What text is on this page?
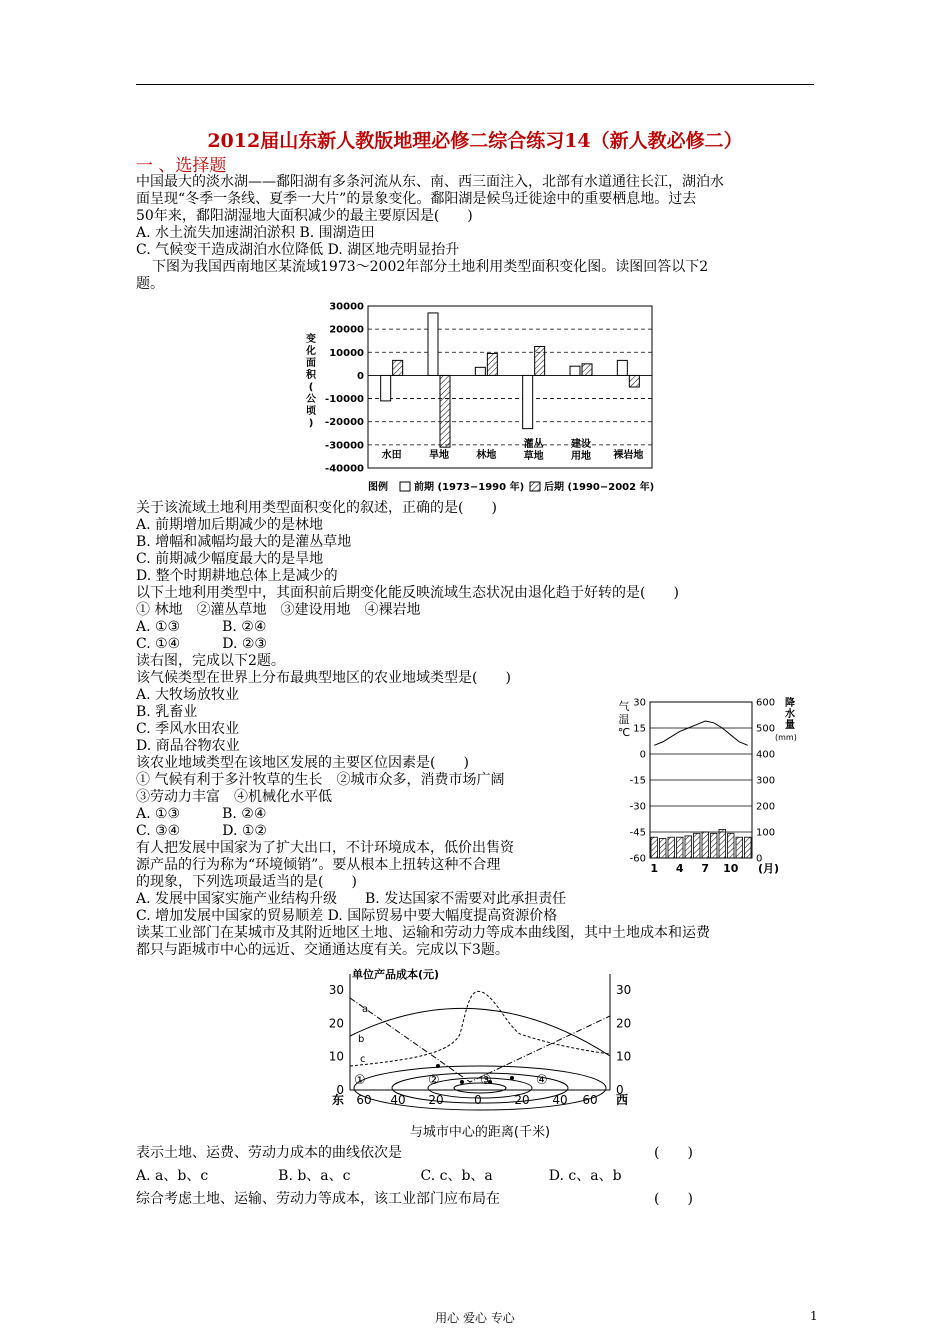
2012届山东新人教版地理必修二综合练习14（新人教必修二）
一 、选择题
中国最大的淡水湖——鄱阳湖有多条河流从东、南、西三面注入，北部有水道通往长江，湖泊水
面呈现“冬季一条线、夏季一大片”的景象变化。鄱阳湖是候鸟迁徙途中的重要栖息地。过去
50年来，鄱阳湖湿地大面积减少的最主要原因是(　　)
A. 水土流失加速湖泊淤积 B. 围湖造田
C. 气候变干造成湖泊水位降低 D. 湖区地壳明显抬升
下图为我国西南地区某流域1973～2002年部分土地利用类型面积变化图。读图回答以下2
题。
变
化
面
积
(
公
顷
)
水田	旱地	林地
灌丛
草地
建设
用地 裸岩地
30000
20000
10000
0
-10000
-20000
-30000
-40000
图例	前期 (1973−1990 年) 后期 (1990−2002 年)
关于该流域土地利用类型面积变化的叙述，正确的是(　　)
A. 前期增加后期减少的是林地
B. 增幅和减幅均最大的是灌丛草地
C. 前期减少幅度最大的是旱地
D. 整个时期耕地总体上是减少的
以下土地利用类型中，其面积前后期变化能反映流域生态状况由退化趋于好转的是(　　)
① 林地　②灌丛草地　③建设用地　④裸岩地
A. ①③　　　B. ②④
C. ①④　　　D. ②③
读右图，完成以下2题。
该气候类型在世界上分布最典型地区的农业地域类型是(　　)
A. 大牧场放牧业
B. 乳畜业
C. 季风水田农业
D. 商品谷物农业
该农业地域类型在该地区发展的主要区位因素是(　　)
① 气候有利于多汁牧草的生长　②城市众多，消费市场广阔
③劳动力丰富　④机械化水平低
A. ①③　　　B. ②④
C. ③④　　　D. ①②
有人把发展中国家为了扩大出口，不计环境成本，低价出售资
源产品的行为称为“环境倾销”。要从根本上扭转这种不合理
的现象，下列选项最适当的是(　　)
A. 发展中国家实施产业结构升级　　B. 发达国家不需要对此承担责任
C. 增加发展中国家的贸易顺差 D. 国际贸易中要大幅度提高资源价格
30
15
0
-15
-30
-45
-60
600
500
400
300
200
100
0
气
温
℃
降
水
量
(mm)
1 4 7 10 (月)
读某工业部门在某城市及其附近地区土地、运输和劳动力等成本曲线图，其中土地成本和运费
都只与距城市中心的远近、交通通达度有关。完成以下3题。
单位产品成本(元)
0	0
10	10
20	20
30	30
60 40 20	0	20 40 60
东	西
a
b
c
①	②	③	④
与城市中心的距离(千米)
表示土地、运费、劳动力成本的曲线依次是　　　　　　　　　　　　　　　　　　(　　)
A. a、b、c　　　　　B. b、a、c　　　　　C. c、b、a　　　　D. c、a、b
综合考虑土地、运输、劳动力等成本，该工业部门应布局在　　　　　　　　　　　(　　)
用心 爱心 专心	1
